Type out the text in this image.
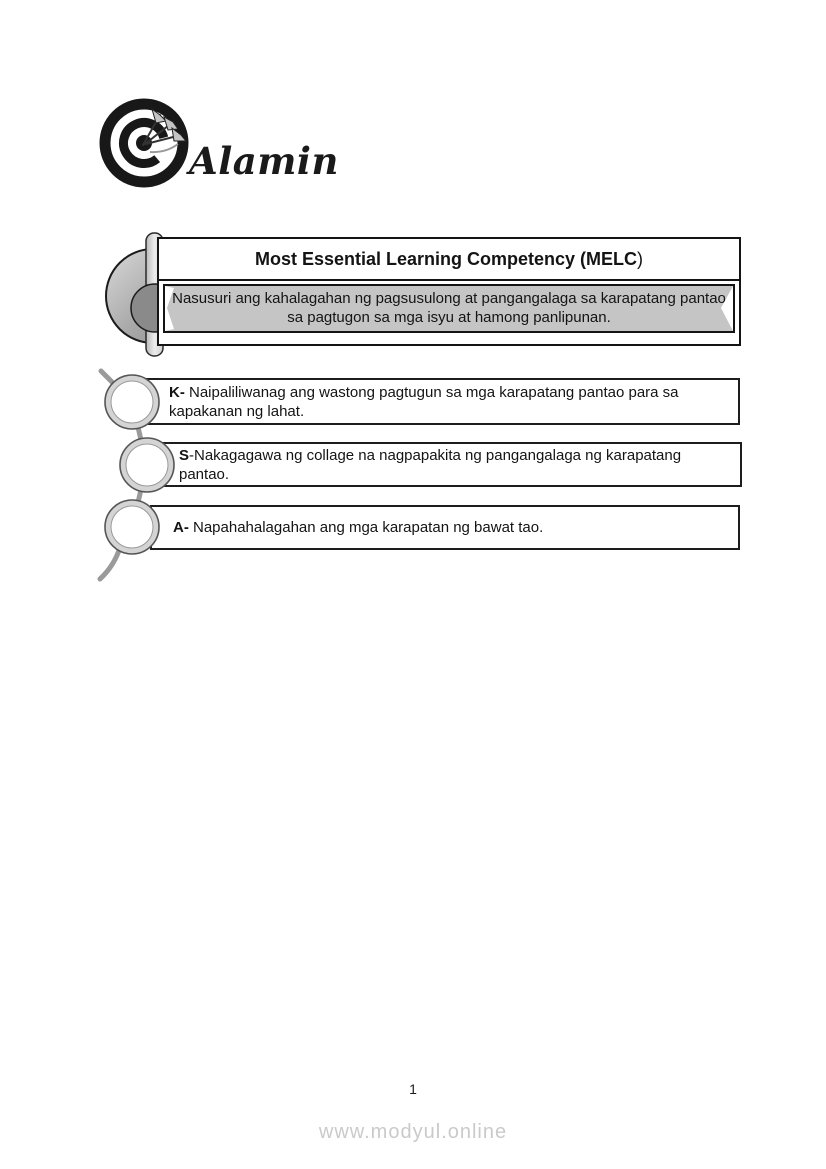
Alamin
Most Essential Learning Competency (MELC )
Nasusuri ang kahalagahan ng pagsusulong at pangangalaga sa karapatang pantao
sa pagtugon sa mga isyu at hamong panlipunan.
K- Naipaliliwanag ang wastong pagtugun sa mga karapatang pantao para sa kapakanan ng lahat.
S-Nakagagawa ng collage na nagpapakita ng pangangalaga ng karapatang pantao.
A- Napahahalagahan ang mga karapatan ng bawat tao.
1
www.modyul.online
